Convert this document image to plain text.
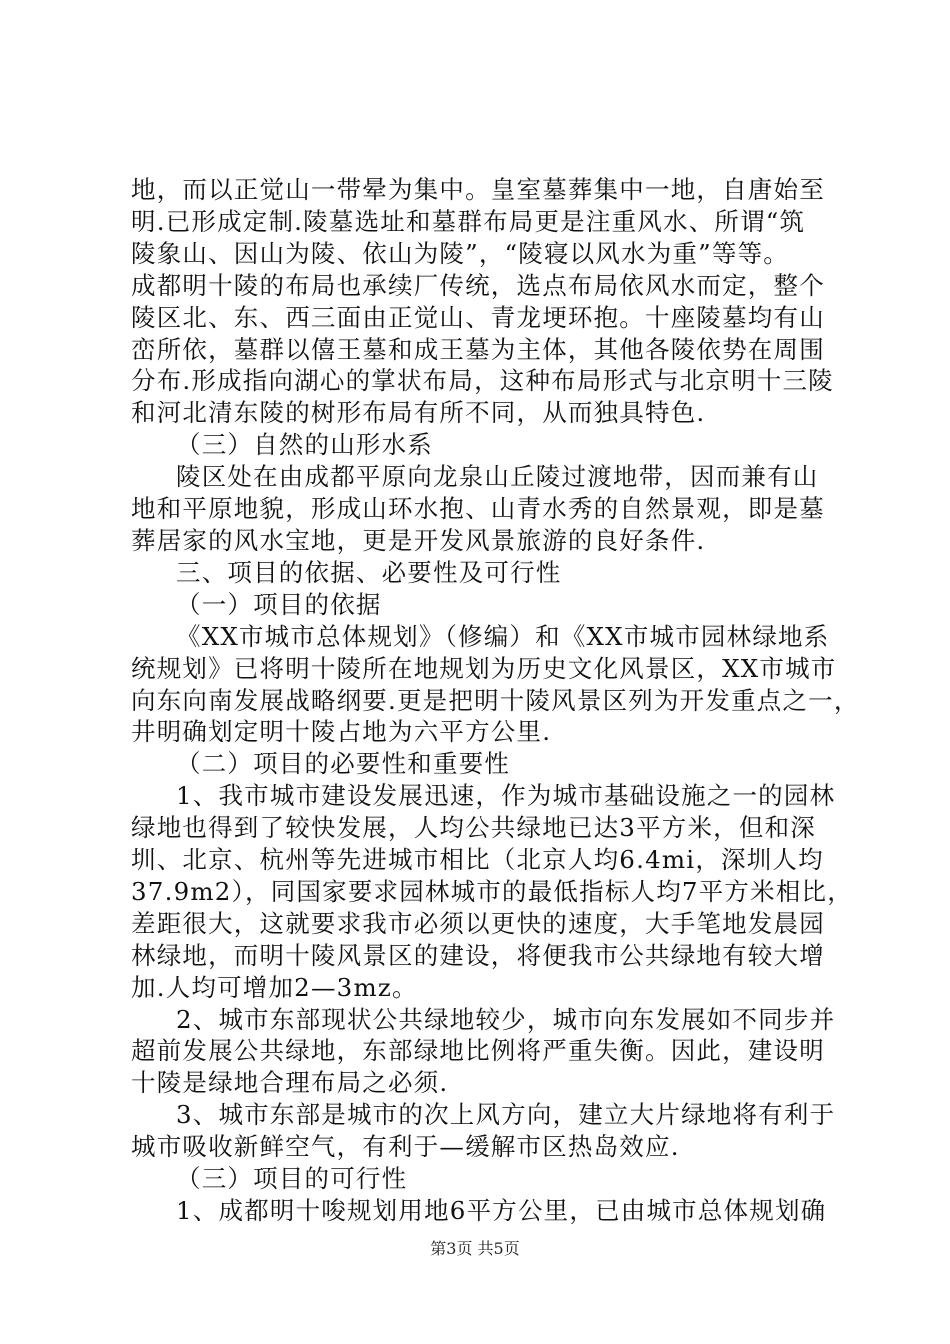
地，而以正觉山一带晕为集中。皇室墓葬集中一地，自唐始至
明.已形成定制.陵墓选址和墓群布局更是注重风水、所谓“筑
陵象山、因山为陵、依山为陵”，“陵寝以风水为重”等等。
成都明十陵的布局也承续厂传统，选点布局依风水而定，整个
陵区北、东、西三面由正觉山、青龙埂环抱。十座陵墓均有山
峦所依，墓群以僖王墓和成王墓为主体，其他各陵依势在周围
分布.形成指向湖心的掌状布局，这种布局形式与北京明十三陵
和河北清东陵的树形布局有所不同，从而独具特色.
（三）自然的山形水系
陵区处在由成都平原向龙泉山丘陵过渡地带，因而兼有山
地和平原地貌，形成山环水抱、山青水秀的自然景观，即是墓
葬居家的风水宝地，更是开发风景旅游的良好条件.
三、项目的依据、必要性及可行性
（一）项目的依据
《XX市城市总体规划》（修编）和《XX市城市园林绿地系
统规划》已将明十陵所在地规划为历史文化风景区，XX市城市
向东向南发展战略纲要.更是把明十陵风景区列为开发重点之一，
井明确划定明十陵占地为六平方公里.
（二）项目的必要性和重要性
1、我市城市建设发展迅速，作为城市基础设施之一的园林
绿地也得到了较快发展，人均公共绿地已达3平方米，但和深
圳、北京、杭州等先进城市相比（北京人均6.4mi，深圳人均
37.9m2），同国家要求园林城市的最低指标人均7平方米相比，
差距很大，这就要求我市必须以更快的速度，大手笔地发晨园
林绿地，而明十陵风景区的建设，将便我市公共绿地有较大增
加.人均可增加2—3mz。
2、城市东部现状公共绿地较少，城市向东发展如不同步并
超前发展公共绿地，东部绿地比例将严重失衡。因此，建设明
十陵是绿地合理布局之必须.
3、城市东部是城市的次上风方向，建立大片绿地将有利于
城市吸收新鲜空气，有利于—缓解市区热岛效应.
（三）项目的可行性
1、成都明十唆规划用地6平方公里，已由城市总体规划确
第3页 共5页
